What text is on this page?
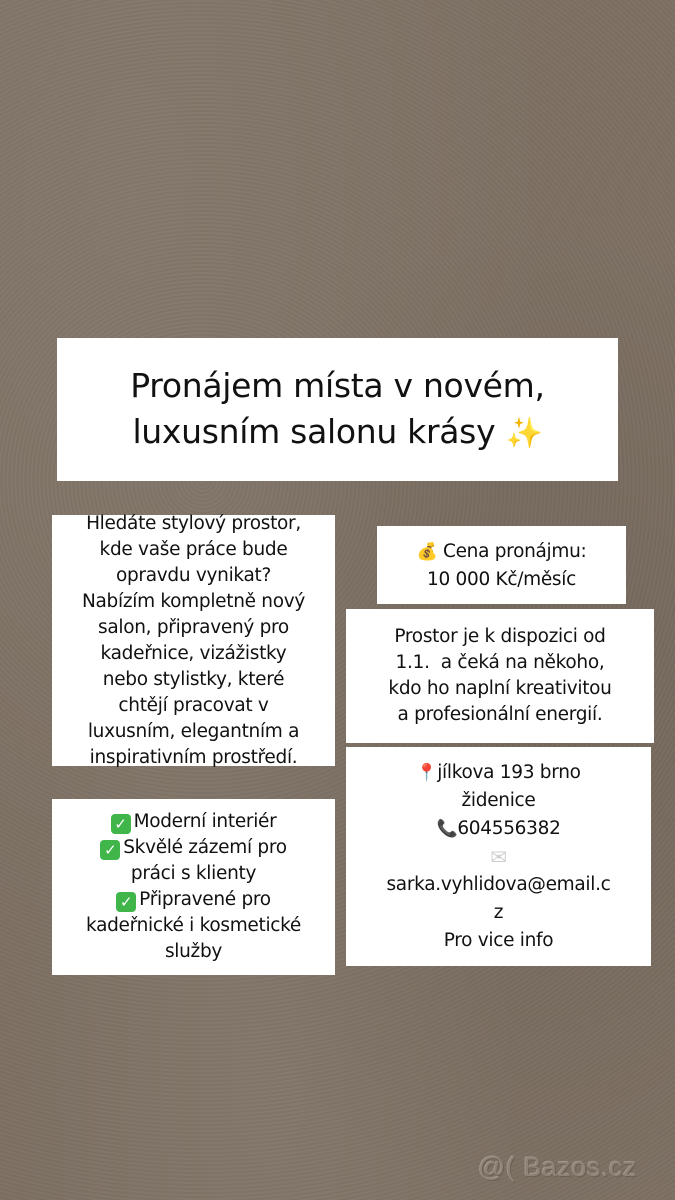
Pronájem místa v novém,
luxusním salonu krásy ✨
Hledáte stylový prostor,
kde vaše práce bude
opravdu vynikat?
Nabízím kompletně nový
salon, připravený pro
kadeřnice, vizážistky
nebo stylistky, které
chtějí pracovat v
luxusním, elegantním a
inspirativním prostředí.
💰 Cena pronájmu:
10 000 Kč/měsíc
Prostor je k dispozici od
1.1.  a čeká na někoho,
kdo ho naplní kreativitou
a profesionální energií.
📍jílkova 193 brno
židenice
📞604556382
✉
sarka.vyhlidova@email.c
z
Pro vice info
✓ Moderní interiér
✓ Skvělé zázemí pro
práci s klienty
✓ Připravené pro
kadeřnické i kosmetické
služby
@( Bazos.cz
